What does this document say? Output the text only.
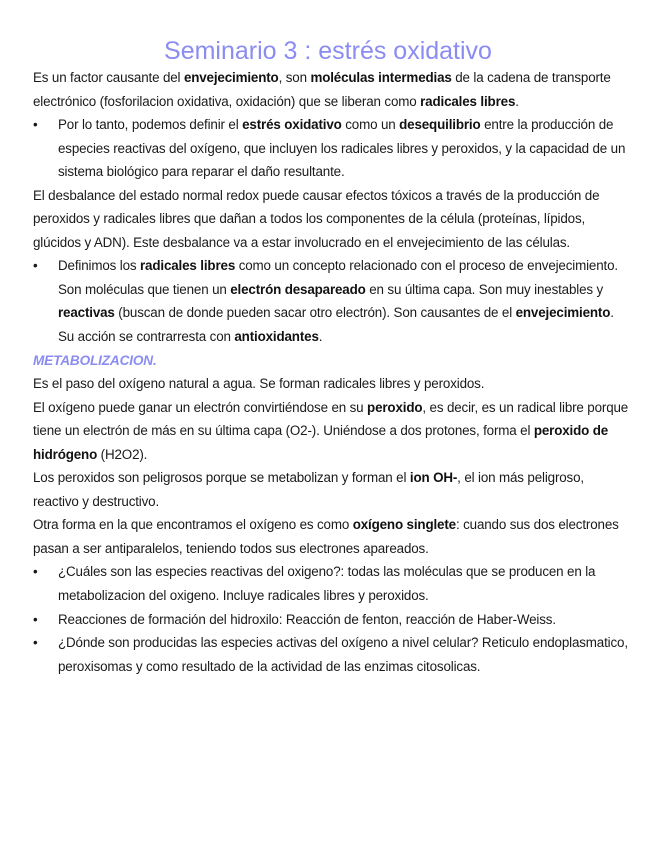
Seminario 3 : estrés oxidativo

Es un factor causante del envejecimiento, son moléculas intermedias de la cadena de transporte electrónico (fosforilacion oxidativa, oxidación) que se liberan como radicales libres.

• Por lo tanto, podemos definir el estrés oxidativo como un desequilibrio entre la producción de especies reactivas del oxígeno, que incluyen los radicales libres y peroxidos, y la capacidad de un sistema biológico para reparar el daño resultante.

El desbalance del estado normal redox puede causar efectos tóxicos a través de la producción de peroxidos y radicales libres que dañan a todos los componentes de la célula (proteínas, lípidos, glúcidos y ADN). Este desbalance va a estar involucrado en el envejecimiento de las células.

• Definimos los radicales libres como un concepto relacionado con el proceso de envejecimiento. Son moléculas que tienen un electrón desapareado en su última capa. Son muy inestables y reactivas (buscan de donde pueden sacar otro electrón). Son causantes de el envejecimiento. Su acción se contrarresta con antioxidantes.

METABOLIZACION.

Es el paso del oxígeno natural a agua. Se forman radicales libres y peroxidos.

El oxígeno puede ganar un electrón convirtiéndose en su peroxido, es decir, es un radical libre porque tiene un electrón de más en su última capa (O2-). Uniéndose a dos protones, forma el peroxido de hidrógeno (H2O2).

Los peroxidos son peligrosos porque se metabolizan y forman el ion OH-, el ion más peligroso, reactivo y destructivo.

Otra forma en la que encontramos el oxígeno es como oxígeno singlete: cuando sus dos electrones pasan a ser antiparalelos, teniendo todos sus electrones apareados.

• ¿Cuáles son las especies reactivas del oxigeno?: todas las moléculas que se producen en la metabolizacion del oxigeno. Incluye radicales libres y peroxidos.

• Reacciones de formación del hidroxilo: Reacción de fenton, reacción de Haber-Weiss.

• ¿Dónde son producidas las especies activas del oxígeno a nivel celular? Reticulo endoplasmatico, peroxisomas y como resultado de la actividad de las enzimas citosolicas.
